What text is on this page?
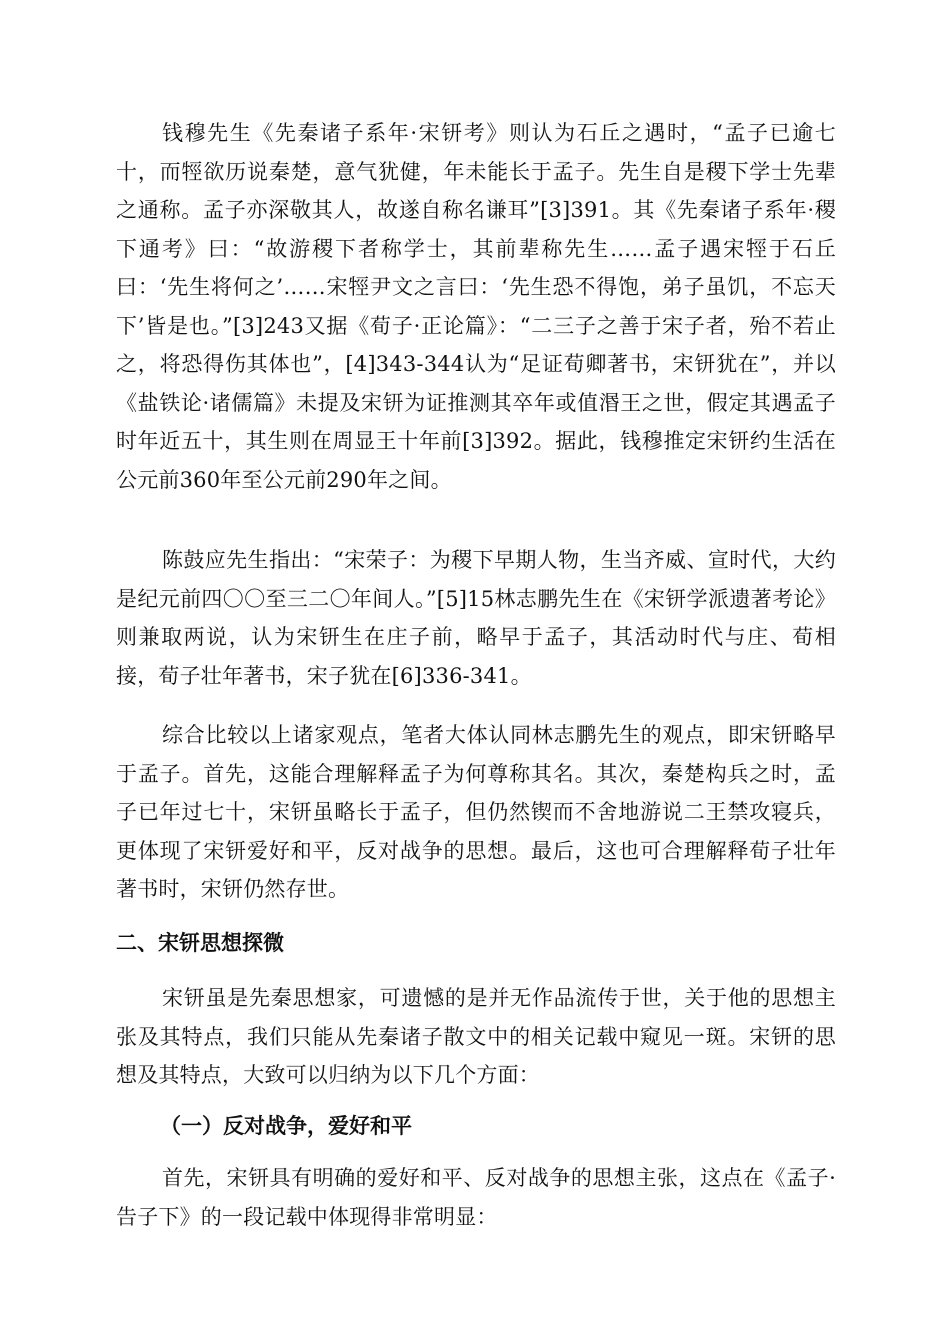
钱穆先生《先秦诸子系年·宋钘考》则认为石丘之遇时，“孟子已逾七十，而牼欲历说秦楚，意气犹健，年未能长于孟子。先生自是稷下学士先辈之通称。孟子亦深敬其人，故遂自称名谦耳”[3]391。其《先秦诸子系年·稷下通考》曰：“故游稷下者称学士，其前辈称先生……孟子遇宋牼于石丘曰：‘先生将何之’……宋牼尹文之言曰：‘先生恐不得饱，弟子虽饥，不忘天下’皆是也。”[3]243又据《荀子·正论篇》：“二三子之善于宋子者，殆不若止之，将恐得伤其体也”，[4]343-344认为“足证荀卿著书，宋钘犹在”，并以《盐铁论·诸儒篇》未提及宋钘为证推测其卒年或值湣王之世，假定其遇孟子时年近五十，其生则在周显王十年前[3]392。据此，钱穆推定宋钘约生活在公元前360年至公元前290年之间。

陈鼓应先生指出：“宋荣子：为稷下早期人物，生当齐威、宣时代，大约是纪元前四〇〇至三二〇年间人。”[5]15林志鹏先生在《宋钘学派遗著考论》则兼取两说，认为宋钘生在庄子前，略早于孟子，其活动时代与庄、荀相接，荀子壮年著书，宋子犹在[6]336-341。

综合比较以上诸家观点，笔者大体认同林志鹏先生的观点，即宋钘略早于孟子。首先，这能合理解释孟子为何尊称其名。其次，秦楚构兵之时，孟子已年过七十，宋钘虽略长于孟子，但仍然锲而不舍地游说二王禁攻寝兵，更体现了宋钘爱好和平，反对战争的思想。最后，这也可合理解释荀子壮年著书时，宋钘仍然存世。

二、宋钘思想探微

宋钘虽是先秦思想家，可遗憾的是并无作品流传于世，关于他的思想主张及其特点，我们只能从先秦诸子散文中的相关记载中窥见一斑。宋钘的思想及其特点，大致可以归纳为以下几个方面：

（一）反对战争，爱好和平

首先，宋钘具有明确的爱好和平、反对战争的思想主张，这点在《孟子·告子下》的一段记载中体现得非常明显：
